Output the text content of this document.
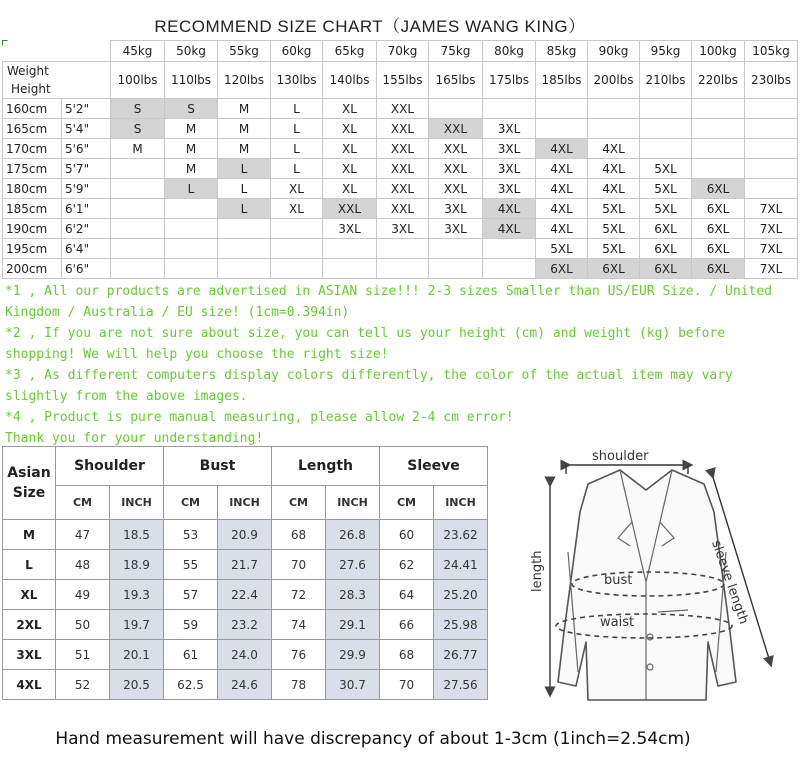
RECOMMEND SIZE CHART（JAMES WANG KING）
		45kg	50kg	55kg	60kg	65kg	70kg	75kg	80kg	85kg	90kg	95kg	100kg	105kg

Weight
Height		100lbs	110lbs	120lbs	130lbs	140lbs	155lbs	165lbs	175lbs	185lbs	200lbs	210lbs	220lbs	230lbs
160cm	5'2"	S	S	M	L	XL	XXL							
165cm	5'4"	S	M	M	L	XL	XXL	XXL	3XL					
170cm	5'6"	M	M	M	L	XL	XXL	XXL	3XL	4XL	4XL			
175cm	5'7"		M	L	L	XL	XXL	XXL	3XL	4XL	4XL	5XL		
180cm	5'9"		L	L	XL	XL	XXL	XXL	3XL	4XL	4XL	5XL	6XL	
185cm	6'1"			L	XL	XXL	XXL	3XL	4XL	4XL	5XL	5XL	6XL	7XL
190cm	6'2"					3XL	3XL	3XL	4XL	4XL	5XL	6XL	6XL	7XL
195cm	6'4"									5XL	5XL	6XL	6XL	7XL
200cm	6'6"									6XL	6XL	6XL	6XL	7XL

*1 , All our products are advertised in ASIAN size!!! 2-3 sizes Smaller than US/EUR Size. / United Kingdom / Australia / EU size! (1cm=0.394in)

*2 , If you are not sure about size, you can tell us your height (cm) and weight (kg) before shopping! We will help you choose the right size!

*3 , As different computers display colors differently, the color of the actual item may vary slightly from the above images.

*4 , Product is pure manual measuring, please allow 2-4 cm error!

Thank you for your understanding!

Asian Size	Shoulder		Bust		Length		Sleeve	
	CM	INCH	CM	INCH	CM	INCH	CM	INCH
M	47	18.5	53	20.9	68	26.8	60	23.62
L	48	18.9	55	21.7	70	27.6	62	24.41
XL	49	19.3	57	22.4	72	28.3	64	25.20
2XL	50	19.7	59	23.2	74	29.1	66	25.98
3XL	51	20.1	61	24.0	76	29.9	68	26.77
4XL	52	20.5	62.5	24.6	78	30.7	70	27.56
shoulder
length	bust
waist	sleeve length
Hand measurement will have discrepancy of about 1-3cm (1inch=2.54cm)
